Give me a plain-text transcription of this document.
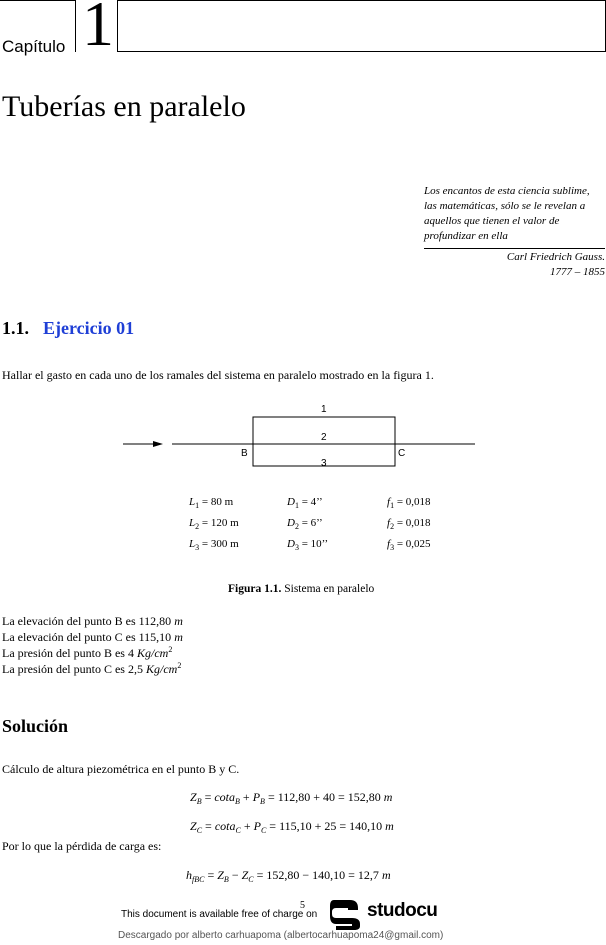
Capítulo 1
Tuberías en paralelo
Los encantos de esta ciencia sublime,
las matemáticas, sólo se le revelan a
aquellos que tienen el valor de
profundizar en ella
Carl Friedrich Gauss.
1777 – 1855
1.1. Ejercicio 01
Hallar el gasto en cada uno de los ramales del sistema en paralelo mostrado en la figura 1.
1
2
3
B	C
$L_1 = 80$ m	$D_1 = 4$’’	$f_1 = 0,018$
$L_2 = 120$ m	$D_2 = 6$’’	$f_2 = 0,018$
$L_3 = 300$ m	$D_3 = 10$’’	$f_3 = 0,025$
Figura 1.1. Sistema en paralelo
La elevación del punto B es 112,80 m
La elevación del punto C es 115,10 m
La presión del punto B es 4 $Kg/cm^2$
La presión del punto C es 2,5 $Kg/cm^2$
Solución
Cálculo de altura piezométrica en el punto B y C.
$Z_B = \cot a_B + P_B = 112,80 + 40 = 152,80$ m
$Z_C = \cot a_C + P_C = 115,10 + 25 = 140,10$ m
Por lo que la pérdida de carga es:
$h_{fBC} = Z_B - Z_C = 152,80 - 140,10 = 12,7$ m
5
This document is available free of charge on	studocu
Descargado por alberto carhuapoma (albertocarhuapoma24@gmail.com)
